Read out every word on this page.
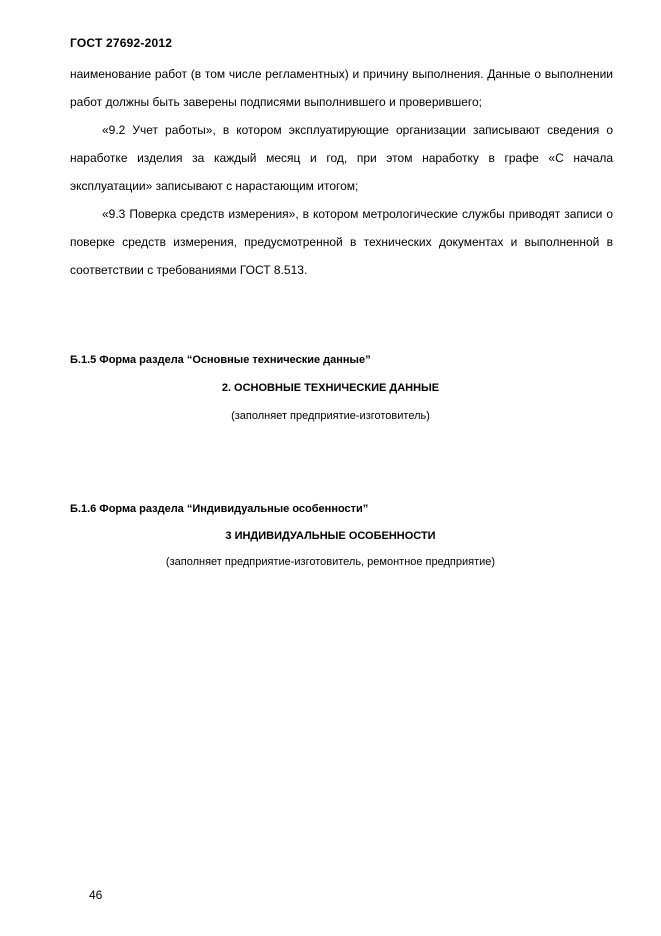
ГОСТ 27692-2012

наименование работ (в том числе регламентных) и причину выполнения. Данные о выполнении работ должны быть заверены подписями выполнившего и проверившего;

«9.2 Учет работы», в котором эксплуатирующие организации записывают сведения о наработке изделия за каждый месяц и год, при этом наработку в графе «С начала эксплуатации» записывают с нарастающим итогом;

«9.3 Поверка средств измерения», в котором метрологические службы приводят записи о поверке средств измерения, предусмотренной в технических документах и выполненной в соответствии с требованиями ГОСТ 8.513.

Б.1.5 Форма раздела “Основные технические данные”
2. ОСНОВНЫЕ ТЕХНИЧЕСКИЕ ДАННЫЕ
(заполняет предприятие-изготовитель)
Б.1.6 Форма раздела “Индивидуальные особенности”
3 ИНДИВИДУАЛЬНЫЕ ОСОБЕННОСТИ
(заполняет предприятие-изготовитель, ремонтное предприятие)
46
